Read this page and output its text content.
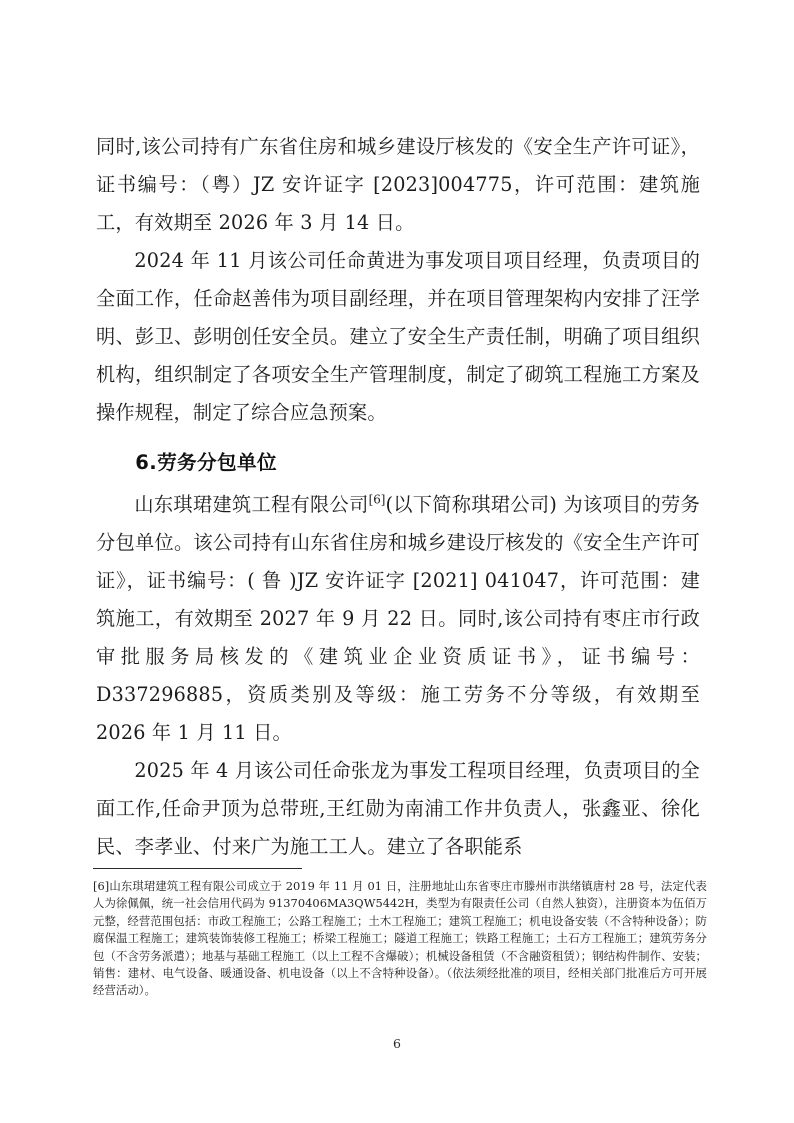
同时,该公司持有广东省住房和城乡建设厅核发的《安全生产许可证》，证书编号：（粤）JZ 安许证字 [2023]004775，许可范围：建筑施工，有效期至 2026 年 3 月 14 日。

2024 年 11 月该公司任命黄进为事发项目项目经理，负责项目的全面工作，任命赵善伟为项目副经理，并在项目管理架构内安排了汪学明、彭卫、彭明创任安全员。建立了安全生产责任制，明确了项目组织机构，组织制定了各项安全生产管理制度，制定了砌筑工程施工方案及操作规程，制定了综合应急预案。

6.劳务分包单位

山东琪珺建筑工程有限公司[6](以下简称琪珺公司) 为该项目的劳务分包单位。该公司持有山东省住房和城乡建设厅核发的《安全生产许可证》，证书编号：( 鲁 )JZ 安许证字 [2021] 041047，许可范围：建筑施工，有效期至 2027 年 9 月 22 日。同时,该公司持有枣庄市行政审批服务局核发的《建筑业企业资质证书》，证书编号：D337296885，资质类别及等级：施工劳务不分等级，有效期至 2026 年 1 月 11 日。

2025 年 4 月该公司任命张龙为事发工程项目经理，负责项目的全面工作,任命尹顶为总带班,王红勋为南浦工作井负责人，张鑫亚、徐化民、李孝业、付来广为施工工人。建立了各职能系

[6]山东琪珺建筑工程有限公司成立于 2019 年 11 月 01 日，注册地址山东省枣庄市滕州市洪绪镇唐村 28 号，法定代表人为徐佩佩，统一社会信用代码为 91370406MA3QW5442H，类型为有限责任公司（自然人独资），注册资本为伍佰万元整，经营范围包括：市政工程施工；公路工程施工；土木工程施工；建筑工程施工；机电设备安装（不含特种设备）；防腐保温工程施工；建筑装饰装修工程施工；桥梁工程施工；隧道工程施工；铁路工程施工；土石方工程施工；建筑劳务分包（不含劳务派遣）；地基与基础工程施工（以上工程不含爆破）；机械设备租赁（不含融资租赁）；钢结构件制作、安装；销售：建材、电气设备、暖通设备、机电设备（以上不含特种设备）。（依法须经批准的项目，经相关部门批准后方可开展经营活动）。

6
